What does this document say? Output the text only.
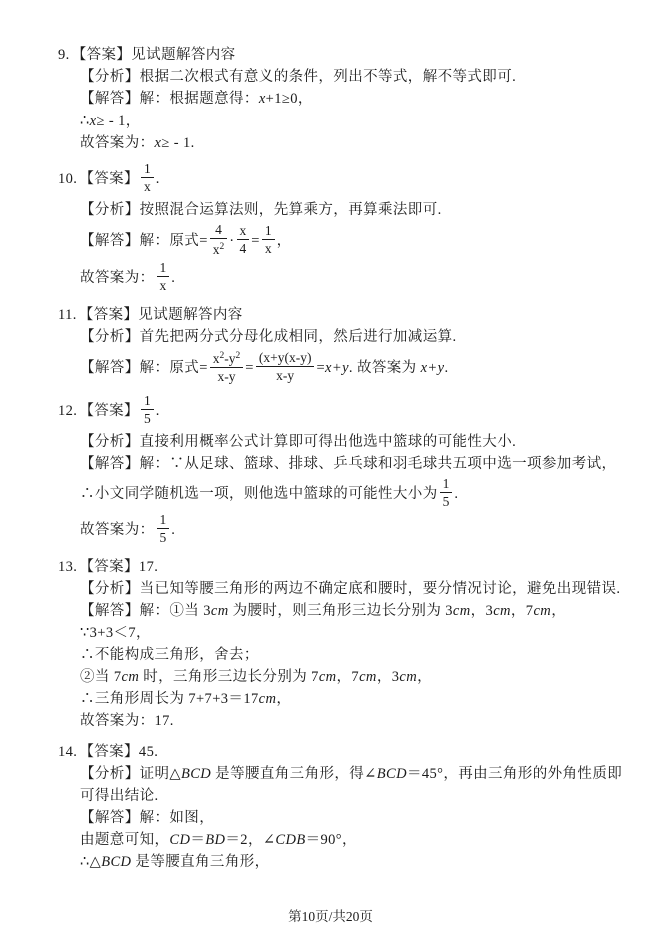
9. 【答案】见试题解答内容
【分析】根据二次根式有意义的条件，列出不等式，解不等式即可.
【解答】解：根据题意得：x+1≥0，
∴x≥ - 1，
故答案为：x≥ - 1.
10. 【答案】 $\frac{1}{x}$ .
【分析】按照混合运算法则，先算乘方，再算乘法即可.
【解答】解：原式= $\frac{4}{x^2} \cdot \frac{x}{4} = \frac{1}{x}$ ，
故答案为： $\frac{1}{x}$ .
11. 【答案】见试题解答内容
【分析】首先把两分式分母化成相同，然后进行加减运算.
【解答】解：原式= $\frac{x^2-y^2}{x-y} = \frac{(x+y(x-y)}{x-y} =x+y$. 故答案为 x+y.
12. 【答案】 $\frac{1}{5}$ .
【分析】直接利用概率公式计算即可得出他选中篮球的可能性大小.
【解答】解：∵从足球、篮球、排球、乒乓球和羽毛球共五项中选一项参加考试，
∴小文同学随机选一项，则他选中篮球的可能性大小为 $\frac{1}{5}$ .
故答案为： $\frac{1}{5}$ .
13. 【答案】17.
【分析】当已知等腰三角形的两边不确定底和腰时，要分情况讨论，避免出现错误.
【解答】解：①当 3cm 为腰时，则三角形三边长分别为 3cm，3cm，7cm，
∵3+3＜7，
∴不能构成三角形，舍去；
②当 7cm 时，三角形三边长分别为 7cm，7cm，3cm，
∴三角形周长为 7+7+3＝17cm，
故答案为：17.
14. 【答案】45.
【分析】证明△BCD 是等腰直角三角形，得∠BCD＝45°，再由三角形的外角性质即可得出结论.
【解答】解：如图，
由题意可知，CD＝BD＝2，∠CDB＝90°，
∴△BCD 是等腰直角三角形，
第10页/共20页
